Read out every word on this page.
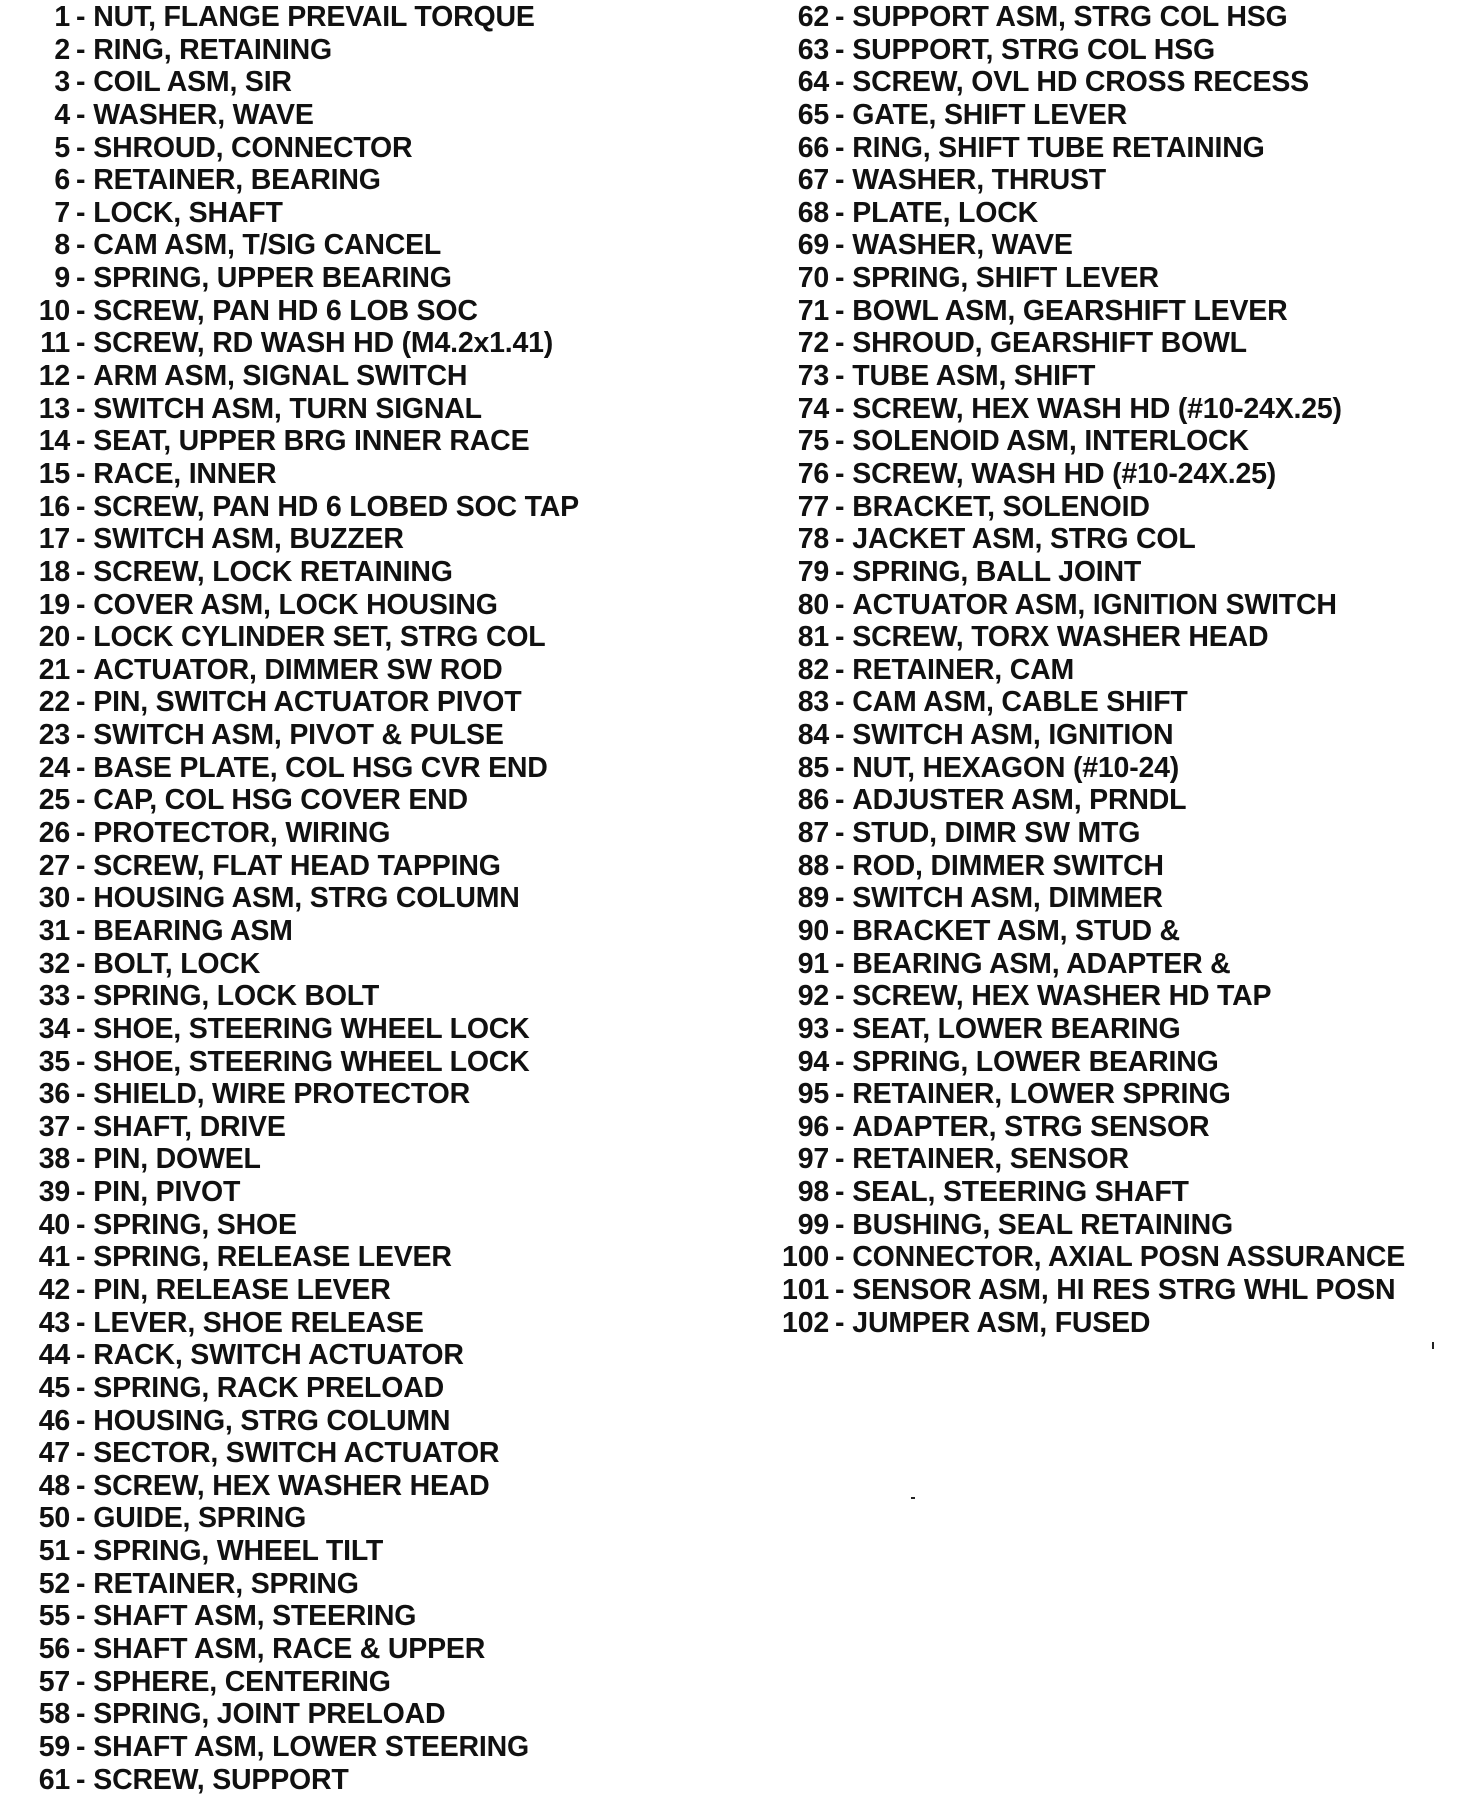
1 - NUT, FLANGE PREVAIL TORQUE
2 - RING, RETAINING
3 - COIL ASM, SIR
4 - WASHER, WAVE
5 - SHROUD, CONNECTOR
6 - RETAINER, BEARING
7 - LOCK, SHAFT
8 - CAM ASM, T/SIG CANCEL
9 - SPRING, UPPER BEARING
10 - SCREW, PAN HD 6 LOB SOC
11 - SCREW, RD WASH HD (M4.2x1.41)
12 - ARM ASM, SIGNAL SWITCH
13 - SWITCH ASM, TURN SIGNAL
14 - SEAT, UPPER BRG INNER RACE
15 - RACE, INNER
16 - SCREW, PAN HD 6 LOBED SOC TAP
17 - SWITCH ASM, BUZZER
18 - SCREW, LOCK RETAINING
19 - COVER ASM, LOCK HOUSING
20 - LOCK CYLINDER SET, STRG COL
21 - ACTUATOR, DIMMER SW ROD
22 - PIN, SWITCH ACTUATOR PIVOT
23 - SWITCH ASM, PIVOT & PULSE
24 - BASE PLATE, COL HSG CVR END
25 - CAP, COL HSG COVER END
26 - PROTECTOR, WIRING
27 - SCREW, FLAT HEAD TAPPING
30 - HOUSING ASM, STRG COLUMN
31 - BEARING ASM
32 - BOLT, LOCK
33 - SPRING, LOCK BOLT
34 - SHOE, STEERING WHEEL LOCK
35 - SHOE, STEERING WHEEL LOCK
36 - SHIELD, WIRE PROTECTOR
37 - SHAFT, DRIVE
38 - PIN, DOWEL
39 - PIN, PIVOT
40 - SPRING, SHOE
41 - SPRING, RELEASE LEVER
42 - PIN, RELEASE LEVER
43 - LEVER, SHOE RELEASE
44 - RACK, SWITCH ACTUATOR
45 - SPRING, RACK PRELOAD
46 - HOUSING, STRG COLUMN
47 - SECTOR, SWITCH ACTUATOR
48 - SCREW, HEX WASHER HEAD
50 - GUIDE, SPRING
51 - SPRING, WHEEL TILT
52 - RETAINER, SPRING
55 - SHAFT ASM, STEERING
56 - SHAFT ASM, RACE & UPPER
57 - SPHERE, CENTERING
58 - SPRING, JOINT PRELOAD
59 - SHAFT ASM, LOWER STEERING
61 - SCREW, SUPPORT
62 - SUPPORT ASM, STRG COL HSG
63 - SUPPORT, STRG COL HSG
64 - SCREW, OVL HD CROSS RECESS
65 - GATE, SHIFT LEVER
66 - RING, SHIFT TUBE RETAINING
67 - WASHER, THRUST
68 - PLATE, LOCK
69 - WASHER, WAVE
70 - SPRING, SHIFT LEVER
71 - BOWL ASM, GEARSHIFT LEVER
72 - SHROUD, GEARSHIFT BOWL
73 - TUBE ASM, SHIFT
74 - SCREW, HEX WASH HD (#10-24X.25)
75 - SOLENOID ASM, INTERLOCK
76 - SCREW, WASH HD (#10-24X.25)
77 - BRACKET, SOLENOID
78 - JACKET ASM, STRG COL
79 - SPRING, BALL JOINT
80 - ACTUATOR ASM, IGNITION SWITCH
81 - SCREW, TORX WASHER HEAD
82 - RETAINER, CAM
83 - CAM ASM, CABLE SHIFT
84 - SWITCH ASM, IGNITION
85 - NUT, HEXAGON (#10-24)
86 - ADJUSTER ASM, PRNDL
87 - STUD, DIMR SW MTG
88 - ROD, DIMMER SWITCH
89 - SWITCH ASM, DIMMER
90 - BRACKET ASM, STUD &
91 - BEARING ASM, ADAPTER &
92 - SCREW, HEX WASHER HD TAP
93 - SEAT, LOWER BEARING
94 - SPRING, LOWER BEARING
95 - RETAINER, LOWER SPRING
96 - ADAPTER, STRG SENSOR
97 - RETAINER, SENSOR
98 - SEAL, STEERING SHAFT
99 - BUSHING, SEAL RETAINING
100 - CONNECTOR, AXIAL POSN ASSURANCE
101 - SENSOR ASM, HI RES STRG WHL POSN
102 - JUMPER ASM, FUSED
